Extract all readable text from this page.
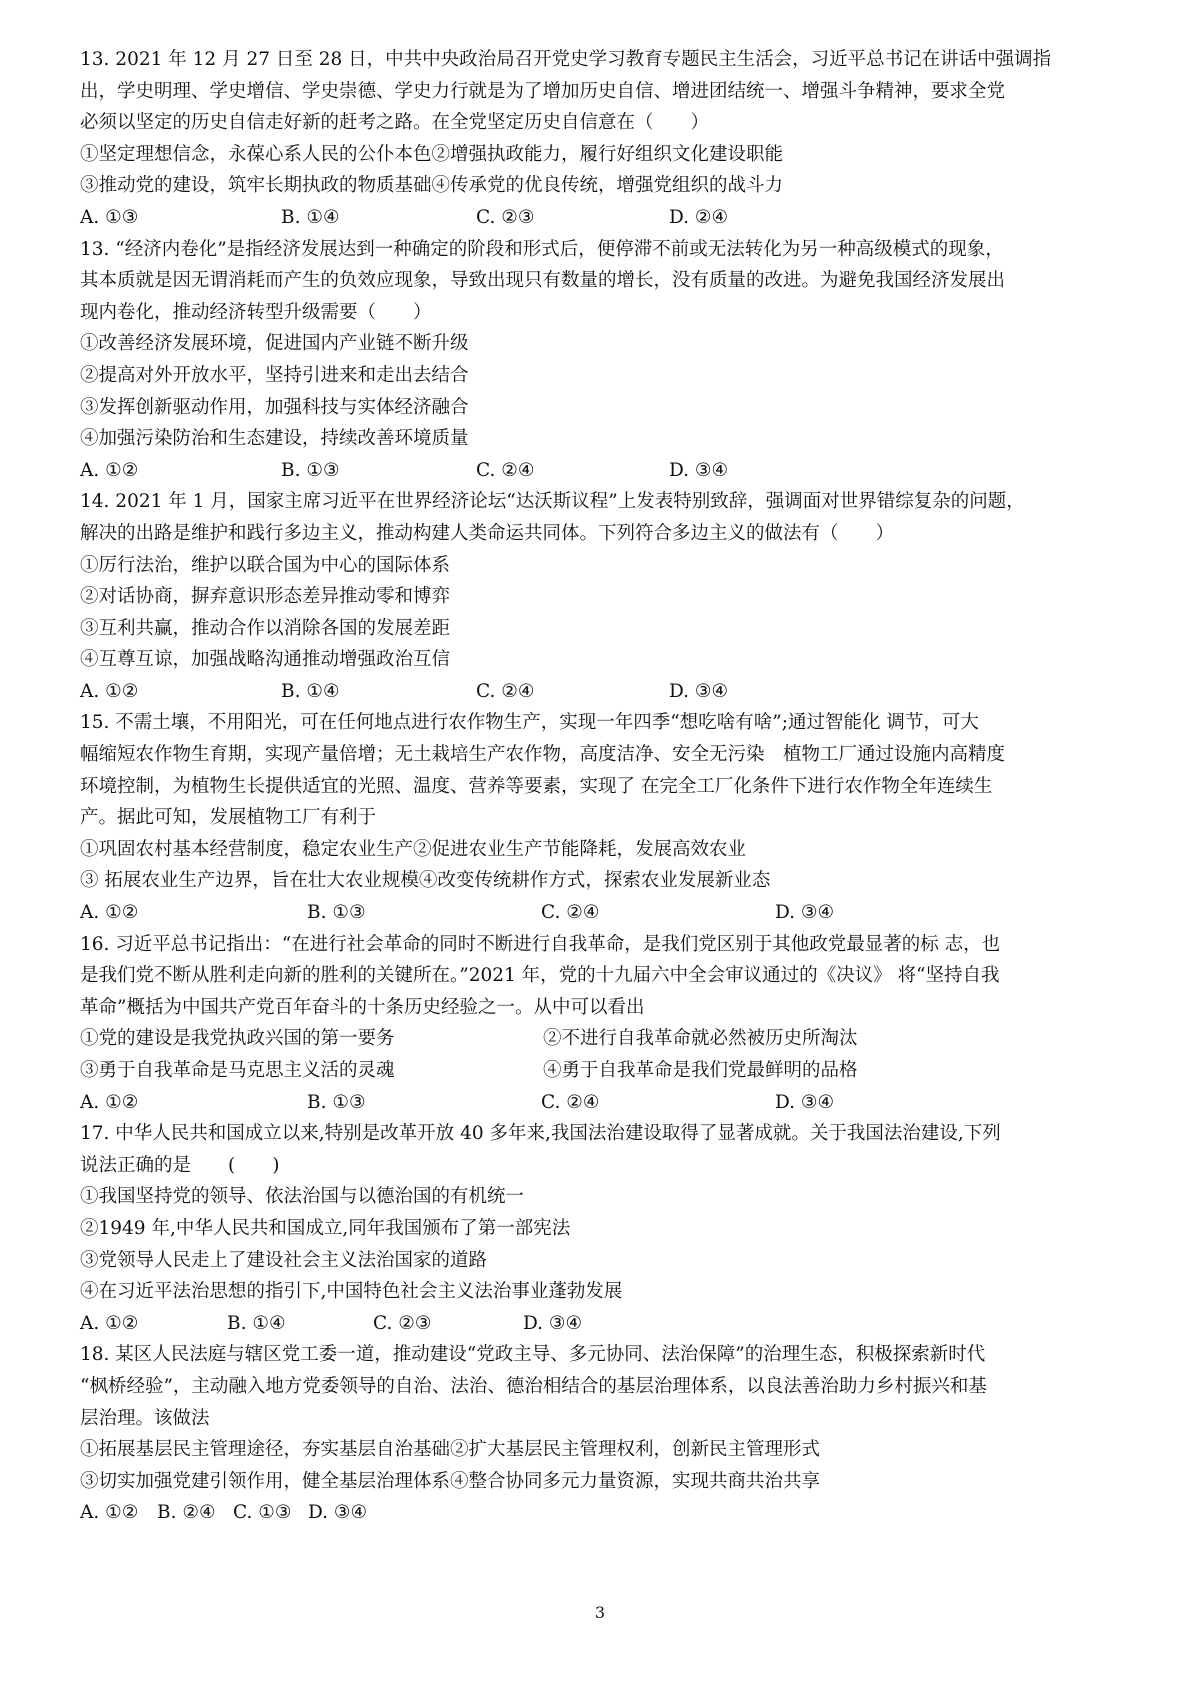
13. 2021 年 12 月 27 日至 28 日，中共中央政治局召开党史学习教育专题民主生活会，习近平总书记在讲话中强调指
出，学史明理、学史增信、学史崇德、学史力行就是为了增加历史自信、增进团结统一、增强斗争精神，要求全党
必须以坚定的历史自信走好新的赶考之路。在全党坚定历史自信意在（　　）
①坚定理想信念，永葆心系人民的公仆本色②增强执政能力，履行好组织文化建设职能
③推动党的建设，筑牢长期执政的物质基础④传承党的优良传统，增强党组织的战斗力
A. ①③	B. ①④	C. ②③	D. ②④
13. “经济内卷化”是指经济发展达到一种确定的阶段和形式后，便停滞不前或无法转化为另一种高级模式的现象，
其本质就是因无谓消耗而产生的负效应现象，导致出现只有数量的增长，没有质量的改进。为避免我国经济发展出
现内卷化，推动经济转型升级需要（　　）
①改善经济发展环境，促进国内产业链不断升级
②提高对外开放水平，坚持引进来和走出去结合
③发挥创新驱动作用，加强科技与实体经济融合
④加强污染防治和生态建设，持续改善环境质量
A. ①②	B. ①③	C. ②④	D. ③④
14. 2021 年 1 月，国家主席习近平在世界经济论坛“达沃斯议程”上发表特别致辞，强调面对世界错综复杂的问题，
解决的出路是维护和践行多边主义，推动构建人类命运共同体。下列符合多边主义的做法有（　　）
①厉行法治，维护以联合国为中心的国际体系
②对话协商，摒弃意识形态差异推动零和博弈
③互利共赢，推动合作以消除各国的发展差距
④互尊互谅，加强战略沟通推动增强政治互信
A. ①②	B. ①④	C. ②④	D. ③④
15. 不需土壤，不用阳光，可在任何地点进行农作物生产，实现一年四季“想吃啥有啥”;通过智能化 调节，可大
幅缩短农作物生育期，实现产量倍增；无土栽培生产农作物，高度洁净、安全无污染　植物工厂通过设施内高精度
环境控制，为植物生长提供适宜的光照、温度、营养等要素，实现了 在完全工厂化条件下进行农作物全年连续生
产。据此可知，发展植物工厂有利于
①巩固农村基本经营制度，稳定农业生产②促进农业生产节能降耗，发展高效农业
③ 拓展农业生产边界，旨在壮大农业规模④改变传统耕作方式，探索农业发展新业态
A. ①②	B. ①③	C. ②④	D. ③④
16. 习近平总书记指出：“在进行社会革命的同时不断进行自我革命，是我们党区别于其他政党最显著的标 志，也
是我们党不断从胜利走向新的胜利的关键所在。”2021 年，党的十九届六中全会审议通过的《决议》 将“坚持自我
革命”概括为中国共产党百年奋斗的十条历史经验之一。从中可以看出
①党的建设是我党执政兴国的第一要务	②不进行自我革命就必然被历史所淘汰
③勇于自我革命是马克思主义活的灵魂	④勇于自我革命是我们党最鲜明的品格
A. ①②	B. ①③	C. ②④	D. ③④
17. 中华人民共和国成立以来,特别是改革开放 40 多年来,我国法治建设取得了显著成就。关于我国法治建设,下列
说法正确的是　　(　　)
①我国坚持党的领导、依法治国与以德治国的有机统一
②1949 年,中华人民共和国成立,同年我国颁布了第一部宪法
③党领导人民走上了建设社会主义法治国家的道路
④在习近平法治思想的指引下,中国特色社会主义法治事业蓬勃发展
A. ①②	B. ①④	C. ②③	D. ③④
18. 某区人民法庭与辖区党工委一道，推动建设“党政主导、多元协同、法治保障”的治理生态，积极探索新时代
“枫桥经验”，主动融入地方党委领导的自治、法治、德治相结合的基层治理体系，以良法善治助力乡村振兴和基
层治理。该做法
①拓展基层民主管理途径，夯实基层自治基础②扩大基层民主管理权利，创新民主管理形式
③切实加强党建引领作用，健全基层治理体系④整合协同多元力量资源，实现共商共治共享
A. ①②	B. ②④ C. ①③ D. ③④
3
